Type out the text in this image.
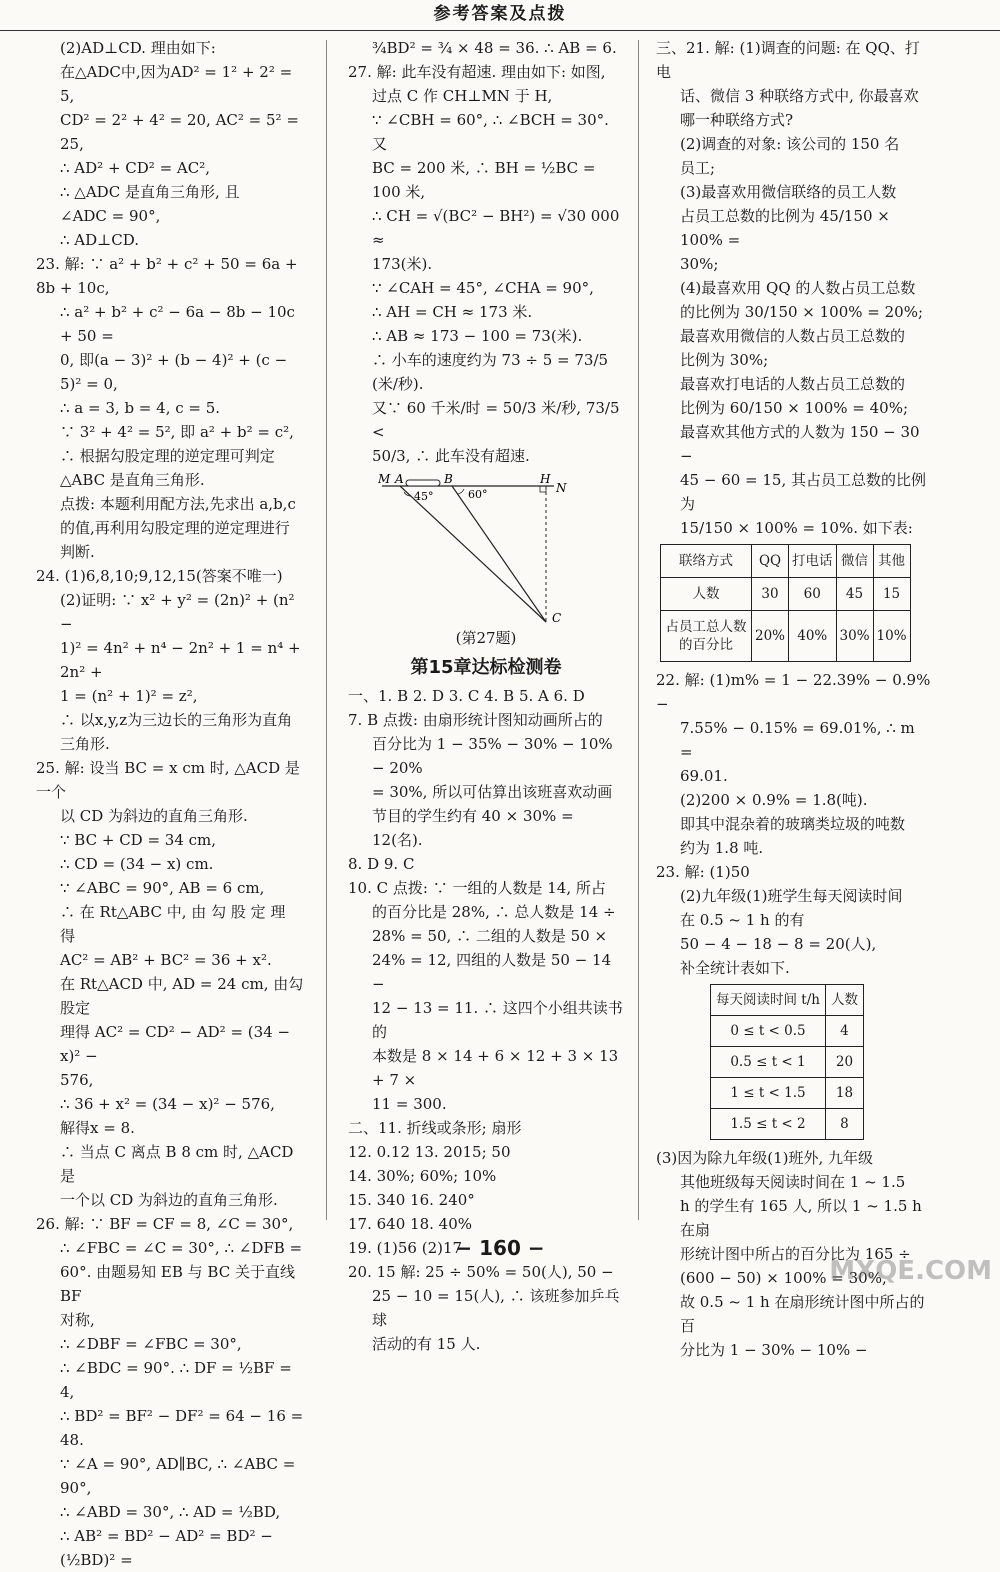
参考答案及点拨

(2)AD⊥CD. 理由如下:

在△ADC中,因为AD² = 1² + 2² = 5,

CD² = 2² + 4² = 20, AC² = 5² = 25,

∴ AD² + CD² = AC²,

∴ △ADC 是直角三角形, 且

∠ADC = 90°,

∴ AD⊥CD.

23. 解: ∵ a² + b² + c² + 50 = 6a + 8b + 10c,

∴ a² + b² + c² − 6a − 8b − 10c + 50 =

0, 即(a − 3)² + (b − 4)² + (c −

5)² = 0,

∴ a = 3, b = 4, c = 5.

∵ 3² + 4² = 5², 即 a² + b² = c²,

∴ 根据勾股定理的逆定理可判定

△ABC 是直角三角形.

点拨: 本题利用配方法,先求出 a,b,c

的值,再利用勾股定理的逆定理进行

判断.

24. (1)6,8,10;9,12,15(答案不唯一)

(2)证明: ∵ x² + y² = (2n)² + (n² −

1)² = 4n² + n⁴ − 2n² + 1 = n⁴ + 2n² +

1 = (n² + 1)² = z²,

∴ 以x,y,z为三边长的三角形为直角

三角形.

25. 解: 设当 BC = x cm 时, △ACD 是一个

以 CD 为斜边的直角三角形.

∵ BC + CD = 34 cm,

∴ CD = (34 − x) cm.

∵ ∠ABC = 90°, AB = 6 cm,

∴ 在 Rt△ABC 中, 由 勾 股 定 理 得

AC² = AB² + BC² = 36 + x².

在 Rt△ACD 中, AD = 24 cm, 由勾股定

理得 AC² = CD² − AD² = (34 − x)² −

576,

∴ 36 + x² = (34 − x)² − 576,

解得x = 8.

∴ 当点 C 离点 B 8 cm 时, △ACD 是

一个以 CD 为斜边的直角三角形.

26. 解: ∵ BF = CF = 8, ∠C = 30°,

∴ ∠FBC = ∠C = 30°, ∴ ∠DFB =

60°. 由题易知 EB 与 BC 关于直线 BF

对称,

∴ ∠DBF = ∠FBC = 30°,

∴ ∠BDC = 90°. ∴ DF = ½BF = 4,

∴ BD² = BF² − DF² = 64 − 16 = 48.

∵ ∠A = 90°, AD∥BC, ∴ ∠ABC = 90°,

∴ ∠ABD = 30°, ∴ AD = ½BD,

∴ AB² = BD² − AD² = BD² − (½BD)² =

¾BD² = ¾ × 48 = 36. ∴ AB = 6.

27. 解: 此车没有超速. 理由如下: 如图,

过点 C 作 CH⊥MN 于 H,

∵ ∠CBH = 60°, ∴ ∠BCH = 30°. 又

BC = 200 米, ∴ BH = ½BC = 100 米,

∴ CH = √(BC² − BH²) = √30 000 ≈

173(米).

∵ ∠CAH = 45°, ∠CHA = 90°,

∴ AH = CH ≈ 173 米.

∴ AB ≈ 173 − 100 = 73(米).

∴ 小车的速度约为 73 ÷ 5 = 73/5 (米/秒).

又∵ 60 千米/时 = 50/3 米/秒, 73/5 <

50/3, ∴ 此车没有超速.

M A	B	H
N
C
45°	60°

(第27题)

第15章达标检测卷

一、1. B 2. D 3. C 4. B 5. A 6. D

7. B 点拨: 由扇形统计图知动画所占的

百分比为 1 − 35% − 30% − 10% − 20%

= 30%, 所以可估算出该班喜欢动画

节目的学生约有 40 × 30% = 12(名).

8. D 9. C

10. C 点拨: ∵ 一组的人数是 14, 所占

的百分比是 28%, ∴ 总人数是 14 ÷

28% = 50, ∴ 二组的人数是 50 ×

24% = 12, 四组的人数是 50 − 14 −

12 − 13 = 11. ∴ 这四个小组共读书的

本数是 8 × 14 + 6 × 12 + 3 × 13 + 7 ×

11 = 300.

二、11. 折线或条形; 扇形

12. 0.12 13. 2015; 50

14. 30%; 60%; 10%

15. 340 16. 240°

17. 640 18. 40%

19. (1)56 (2)17

20. 15 解: 25 ÷ 50% = 50(人), 50 −

25 − 10 = 15(人), ∴ 该班参加乒乓球

活动的有 15 人.

三、21. 解: (1)调查的问题: 在 QQ、打电

话、微信 3 种联络方式中, 你最喜欢

哪一种联络方式?

(2)调查的对象: 该公司的 150 名

员工;

(3)最喜欢用微信联络的员工人数

占员工总数的比例为 45/150 × 100% =

30%;

(4)最喜欢用 QQ 的人数占员工总数

的比例为 30/150 × 100% = 20%;

最喜欢用微信的人数占员工总数的

比例为 30%;

最喜欢打电话的人数占员工总数的

比例为 60/150 × 100% = 40%;

最喜欢其他方式的人数为 150 − 30 −

45 − 60 = 15, 其占员工总数的比例为

15/150 × 100% = 10%. 如下表:

联络方式	QQ	打电话	微信	其他
人数	30	60	45	15
占员工总人数的百分比	20%	40%	30%	10%

22. 解: (1)m% = 1 − 22.39% − 0.9% −

7.55% − 0.15% = 69.01%, ∴ m =

69.01.

(2)200 × 0.9% = 1.8(吨).

即其中混杂着的玻璃类垃圾的吨数

约为 1.8 吨.

23. 解: (1)50

(2)九年级(1)班学生每天阅读时间

在 0.5 ~ 1 h 的有

50 − 4 − 18 − 8 = 20(人),

补全统计表如下.

每天阅读时间 t/h	人数
0 ≤ t < 0.5	4
0.5 ≤ t < 1	20
1 ≤ t < 1.5	18
1.5 ≤ t < 2	8

(3)因为除九年级(1)班外, 九年级

其他班级每天阅读时间在 1 ~ 1.5

h 的学生有 165 人, 所以 1 ~ 1.5 h 在扇

形统计图中所占的百分比为 165 ÷

(600 − 50) × 100% = 30%,

故 0.5 ~ 1 h 在扇形统计图中所占的百

分比为 1 − 30% − 10% −

− 160 −
MXQE.COM
